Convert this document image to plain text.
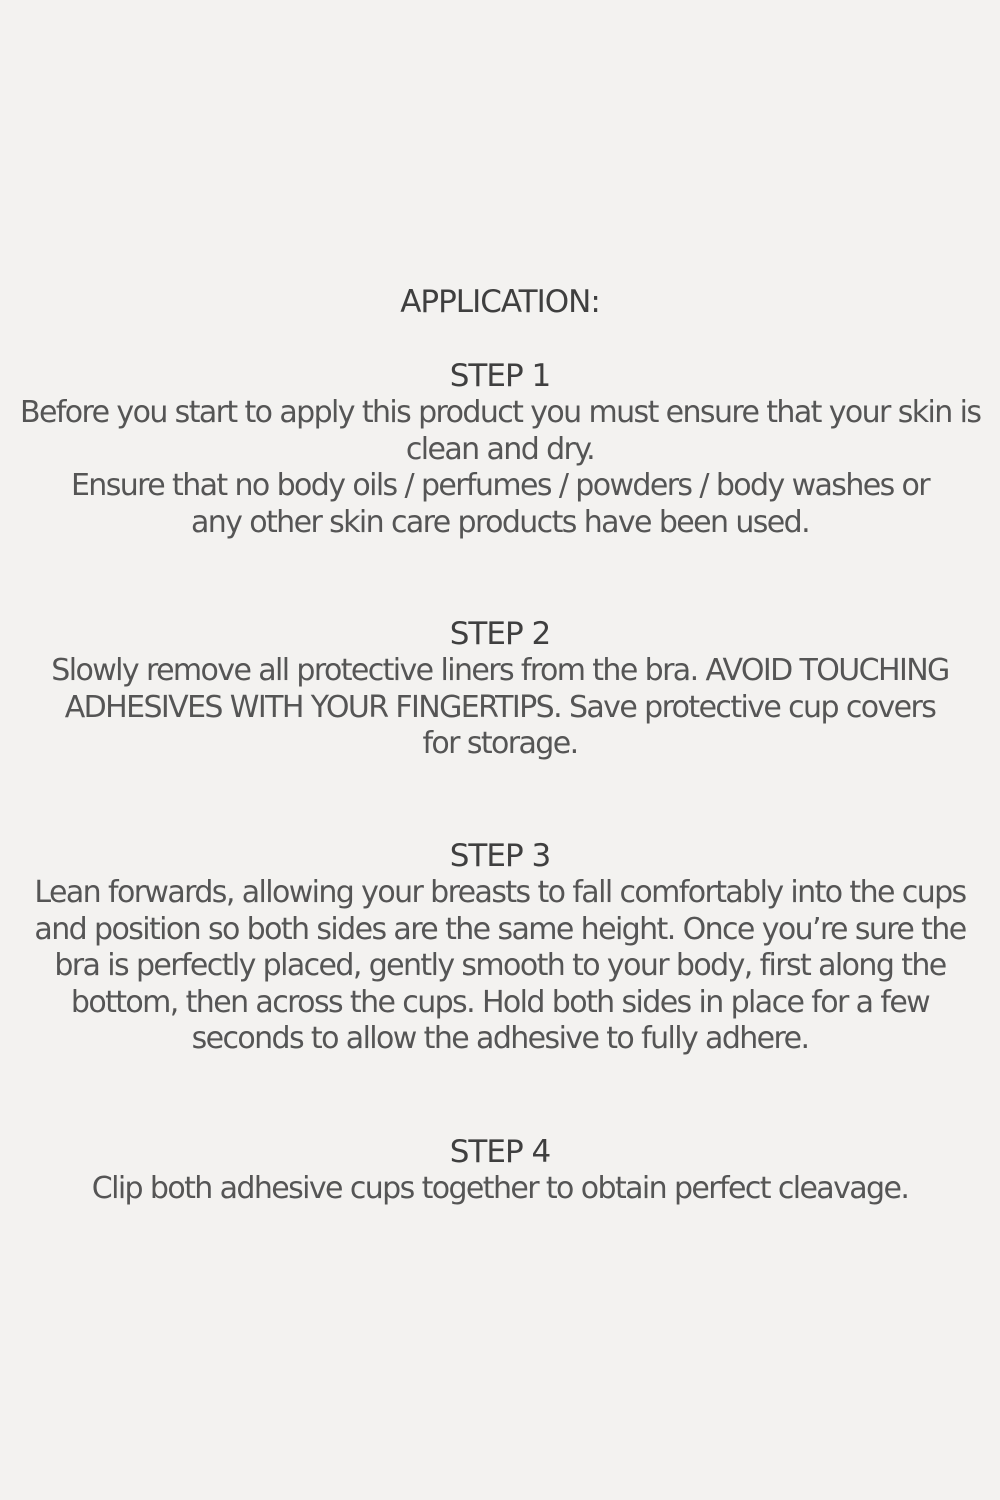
APPLICATION:
STEP 1
Before you start to apply this product you must ensure that your skin is
clean and dry.
Ensure that no body oils / perfumes / powders / body washes or
any other skin care products have been used.
STEP 2
Slowly remove all protective liners from the bra. AVOID TOUCHING
ADHESIVES WITH YOUR FINGERTIPS. Save protective cup covers
for storage.
STEP 3
Lean forwards, allowing your breasts to fall comfortably into the cups
and position so both sides are the same height. Once you’re sure the
bra is perfectly placed, gently smooth to your body, first along the
bottom, then across the cups. Hold both sides in place for a few
seconds to allow the adhesive to fully adhere.
STEP 4
Clip both adhesive cups together to obtain perfect cleavage.
